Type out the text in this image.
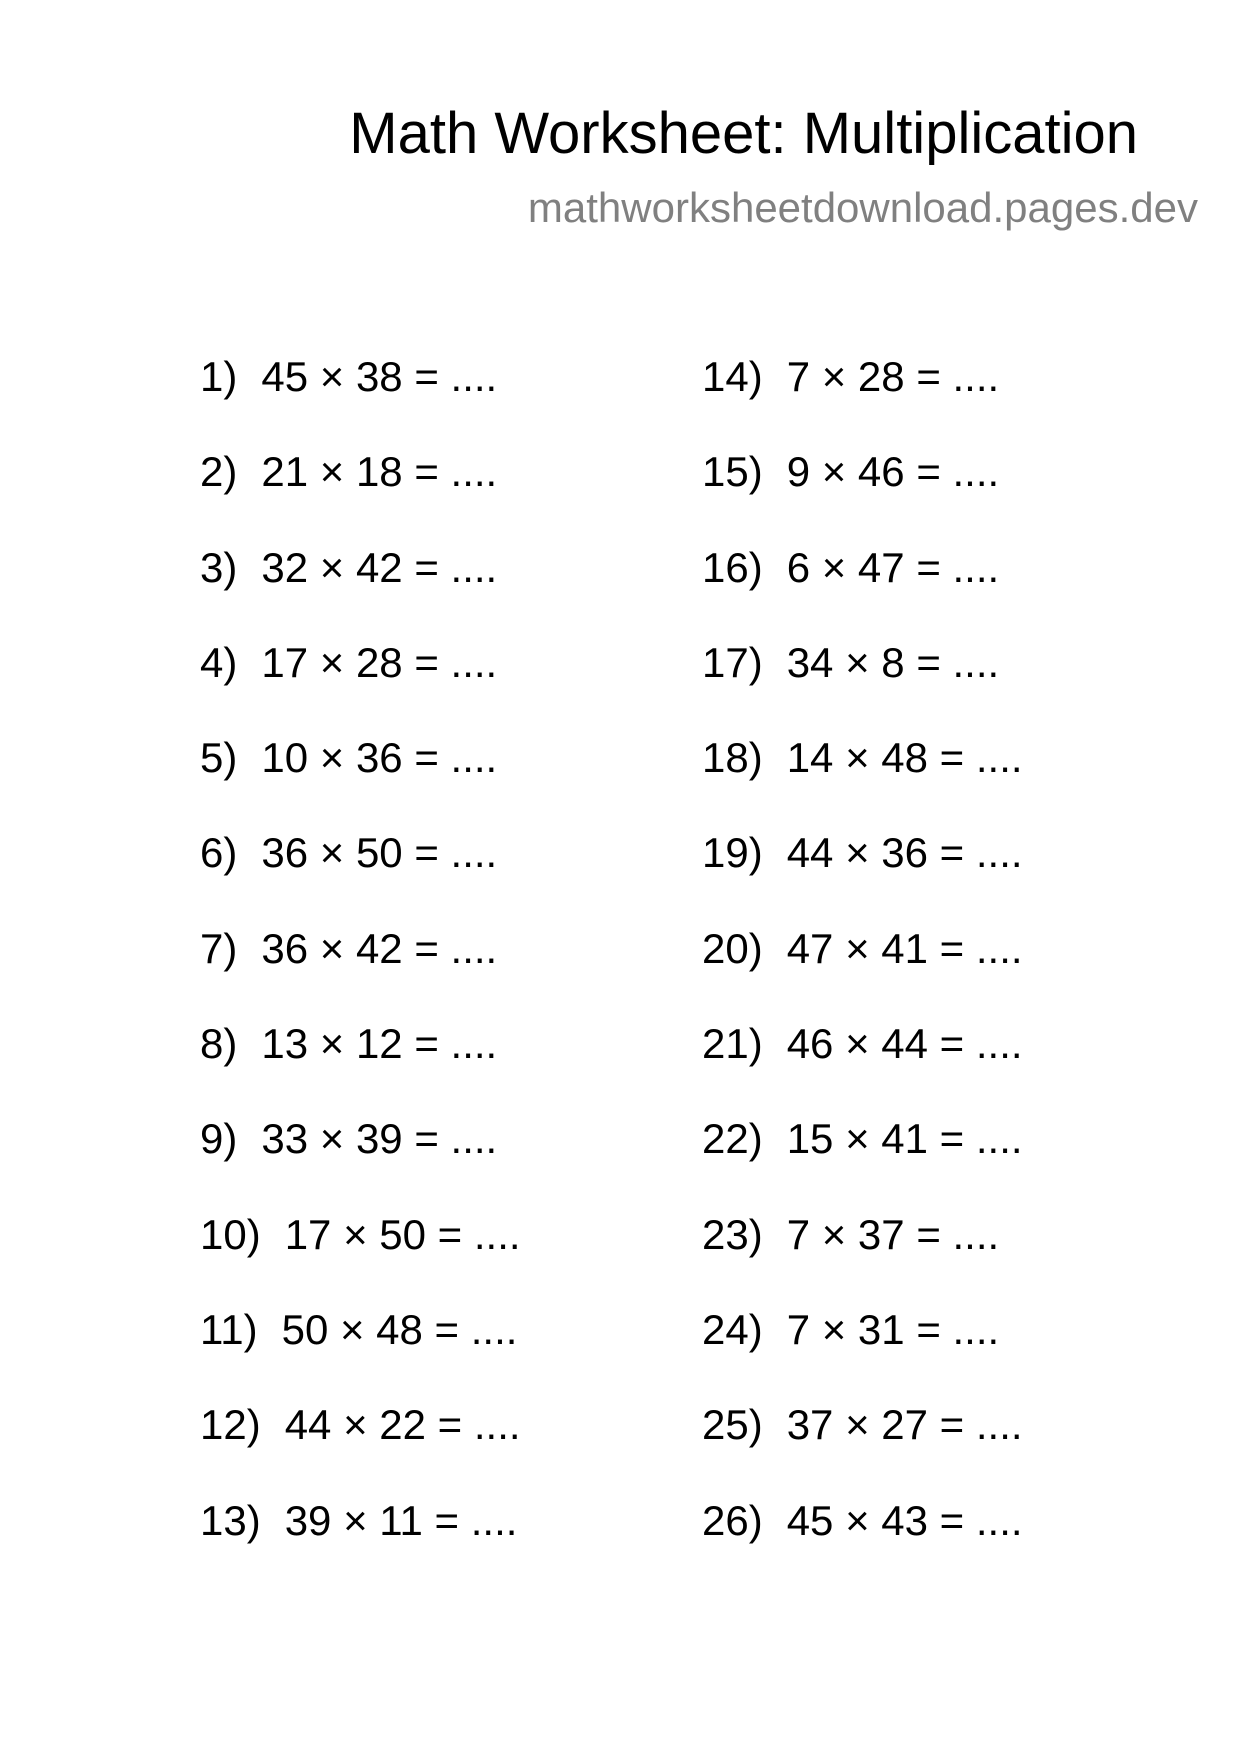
Math Worksheet: Multiplication
mathworksheetdownload.pages.dev
1) 45 × 38 = ....
2) 21 × 18 = ....
3) 32 × 42 = ....
4) 17 × 28 = ....
5) 10 × 36 = ....
6) 36 × 50 = ....
7) 36 × 42 = ....
8) 13 × 12 = ....
9) 33 × 39 = ....
10) 17 × 50 = ....
11) 50 × 48 = ....
12) 44 × 22 = ....
13) 39 × 11 = ....
14) 7 × 28 = ....
15) 9 × 46 = ....
16) 6 × 47 = ....
17) 34 × 8 = ....
18) 14 × 48 = ....
19) 44 × 36 = ....
20) 47 × 41 = ....
21) 46 × 44 = ....
22) 15 × 41 = ....
23) 7 × 37 = ....
24) 7 × 31 = ....
25) 37 × 27 = ....
26) 45 × 43 = ....
